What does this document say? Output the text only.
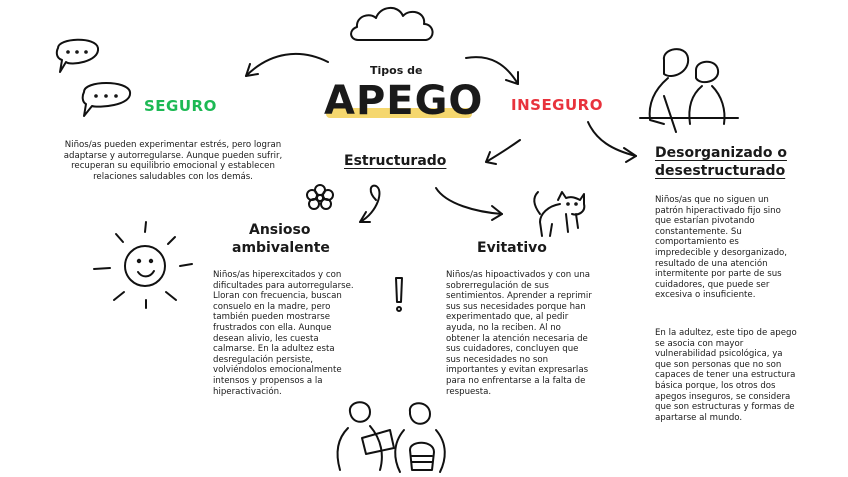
Tipos de
APEGO
SEGURO
Niños/as pueden experimentar estrés, pero logran adaptarse y autorregularse. Aunque pueden sufrir, recuperan su equilibrio emocional y establecen relaciones saludables con los demás.
INSEGURO
Estructurado	Desorganizado o
desestructurado
Niños/as que no siguen un patrón hiperactivado fijo sino que estarían pivotando constantemente. Su comportamiento es impredecible y desorganizado, resultado de una atención intermitente por parte de sus cuidadores, que puede ser excesiva o insuficiente.
En la adultez, este tipo de apego se asocia con mayor vulnerabilidad psicológica, ya que son personas que no son capaces de tener una estructura básica porque, los otros dos apegos inseguros, se considera que son estructuras y formas de apartarse al mundo.
Ansioso
ambivalente
Niños/as hiperexcitados y con dificultades para autorregularse. Lloran con frecuencia, buscan consuelo en la madre, pero también pueden mostrarse frustrados con ella. Aunque desean alivio, les cuesta calmarse. En la adultez esta desregulación persiste, volviéndolos emocionalmente intensos y propensos a la hiperactivación.
Evitativo
Niños/as hipoactivados y con una sobrerregulación de sus sentimientos. Aprender a reprimir sus sus necesidades porque han experimentado que, al pedir ayuda, no la reciben. Al no obtener la atención necesaria de sus cuidadores, concluyen que sus necesidades no son importantes y evitan expresarlas para no enfrentarse a la falta de respuesta.
